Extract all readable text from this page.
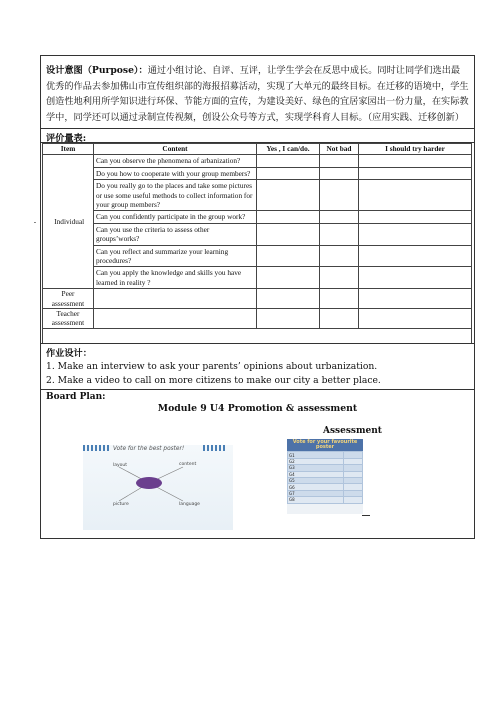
设计意图（Purpose）：通过小组讨论、自评、互评，让学生学会在反思中成长。同时让同学们选出最优秀的作品去参加佛山市宣传组织部的海报招募活动，实现了大单元的最终目标。在迁移的语境中，学生创造性地利用所学知识进行环保、节能方面的宣传，为建设美好、绿色的宜居家园出一份力量，在实际教学中，同学还可以通过录制宣传视频，创设公众号等方式，实现学科育人目标。（应用实践、迁移创新）
评价量表:
Item	Content	Yes , I can/do.	Not bad	I should try harder
- Individual	Can you observe the phenomena of arbanization?			
	Do you how to cooperate with your group members?			
	Do you really go to the places and take some pictures or use some useful methods to collect information for your group members?			
	Can you confidently participate in the group work?			
	Can you use the criteria to assess other groups’works?			
	Can you reflect and summarize your learning procedures?			
	Can you apply the knowledge and skills you have learned in reality ?			
Peer assessment				
Teacher assessment				

作业设计：
1. Make an interview to ask your parents’ opinions about urbanization.
2. Make a video to call on more citizens to make our city a better place.
Board Plan:
Module 9 U4 Promotion & assessment
Assessment
Vote for the best poster!
layout	content
picture	language
Vote for your favourite poster
G1	
G2	
G3	
G4	
G5	
G6	
G7	
G8	
